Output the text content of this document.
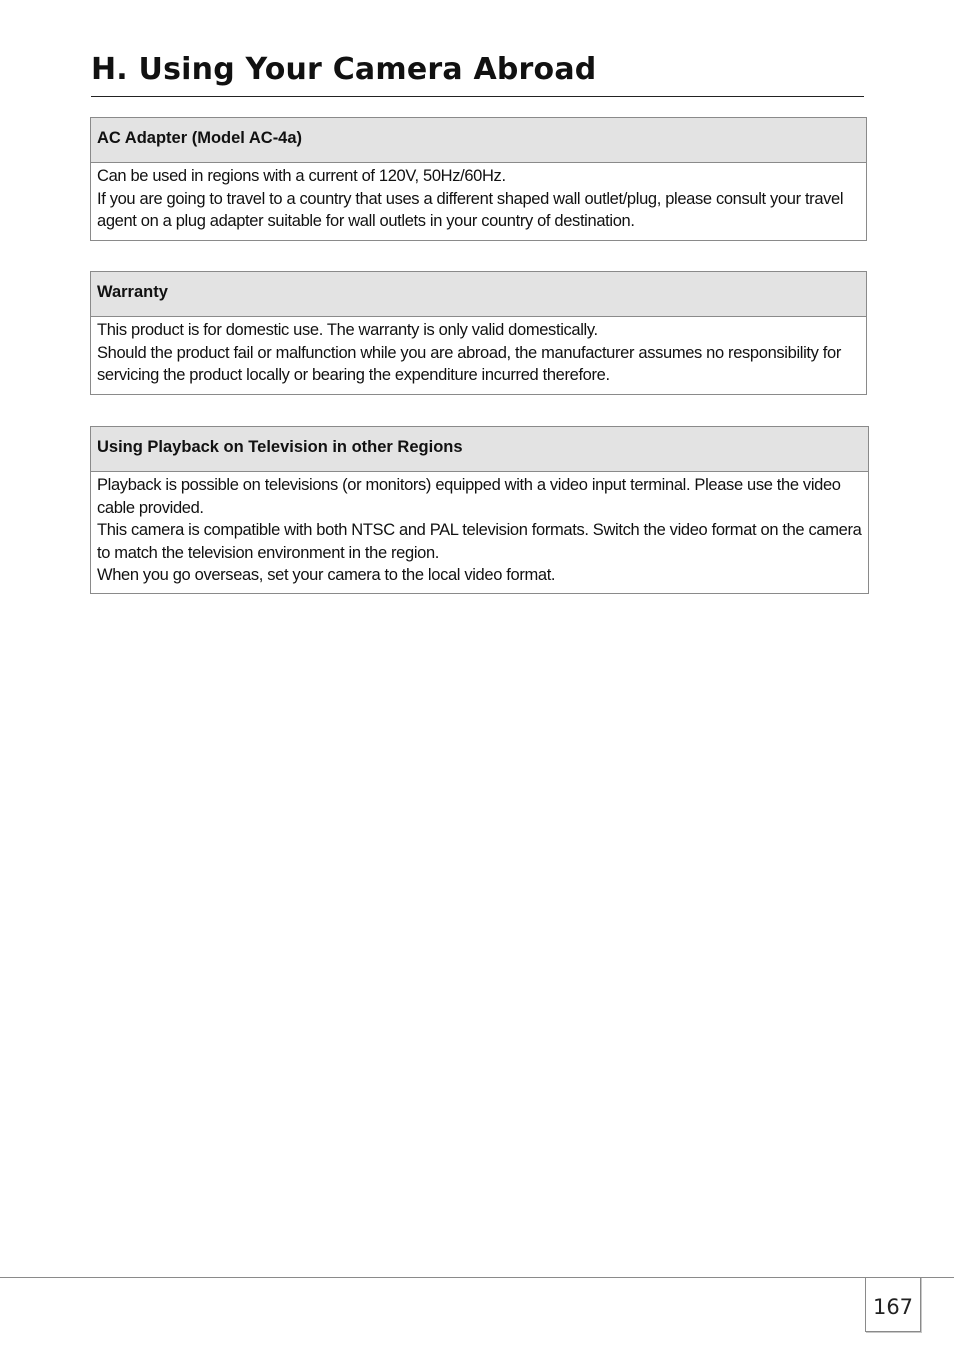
H. Using Your Camera Abroad
AC Adapter (Model AC-4a)
Can be used in regions with a current of 120V, 50Hz/60Hz.
If you are going to travel to a country that uses a different shaped wall outlet/plug, please consult your travel agent on a plug adapter suitable for wall outlets in your country of destination.
Warranty
This product is for domestic use. The warranty is only valid domestically.
Should the product fail or malfunction while you are abroad, the manufacturer assumes no responsibility for servicing the product locally or bearing the expenditure incurred therefore.
Using Playback on Television in other Regions
Playback is possible on televisions (or monitors) equipped with a video input terminal. Please use the video cable provided.
This camera is compatible with both NTSC and PAL television formats. Switch the video format on the camera to match the television environment in the region.
When you go overseas, set your camera to the local video format.
167
